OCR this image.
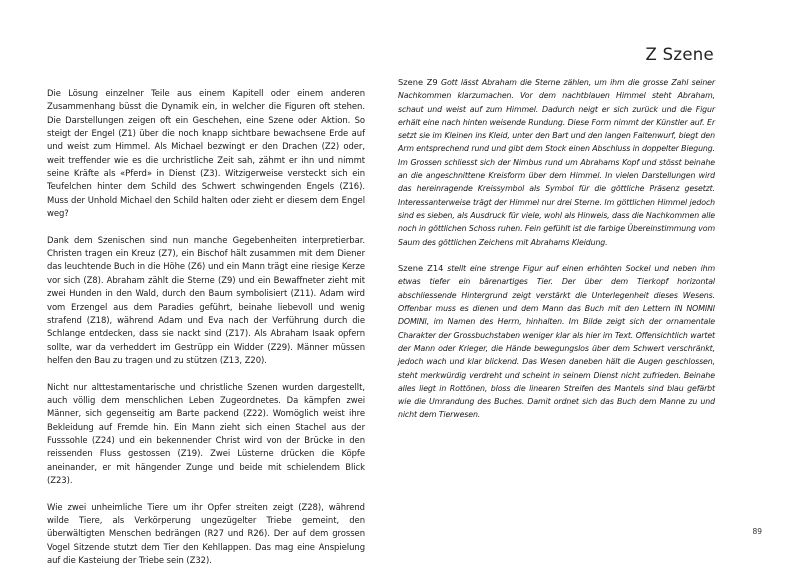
Z Szene

Die Lösung einzelner Teile aus einem Kapitell oder einem anderen Zusammenhang büsst die Dynamik ein, in welcher die Figuren oft stehen. Die Darstellungen zeigen oft ein Geschehen, eine Szene oder Aktion. So steigt der Engel (Z1) über die noch knapp sichtbare bewachsene Erde auf und weist zum Himmel. Als Michael bezwingt er den Drachen (Z2) oder, weit treffender wie es die urchristliche Zeit sah, zähmt er ihn und nimmt seine Kräfte als «Pferd» in Dienst (Z3). Witzigerweise versteckt sich ein Teufelchen hinter dem Schild des Schwert schwingenden Engels (Z16). Muss der Unhold Michael den Schild halten oder zieht er diesem dem Engel weg?

Dank dem Szenischen sind nun manche Gegebenheiten interpretierbar. Christen tragen ein Kreuz (Z7), ein Bischof hält zusammen mit dem Diener das leuchtende Buch in die Höhe (Z6) und ein Mann trägt eine riesige Kerze vor sich (Z8). Abraham zählt die Sterne (Z9) und ein Bewaffneter zieht mit zwei Hunden in den Wald, durch den Baum symbolisiert (Z11). Adam wird vom Erzengel aus dem Paradies geführt, beinahe liebevoll und wenig strafend (Z18), während Adam und Eva nach der Verführung durch die Schlange entdecken, dass sie nackt sind (Z17). Als Abraham Isaak opfern sollte, war da verheddert im Gestrüpp ein Widder (Z29). Männer müssen helfen den Bau zu tragen und zu stützen (Z13, Z20).

Nicht nur alttestamentarische und christliche Szenen wurden dargestellt, auch völlig dem menschlichen Leben Zugeordnetes. Da kämpfen zwei Männer, sich gegenseitig am Barte packend (Z22). Womöglich weist ihre Bekleidung auf Fremde hin. Ein Mann zieht sich einen Stachel aus der Fusssohle (Z24) und ein bekennender Christ wird von der Brücke in den reissenden Fluss gestossen (Z19). Zwei Lüsterne drücken die Köpfe aneinander, er mit hängender Zunge und beide mit schielendem Blick (Z23).

Wie zwei unheimliche Tiere um ihr Opfer streiten zeigt (Z28), während wilde Tiere, als Verkörperung ungezügelter Triebe gemeint, den überwältigten Menschen bedrängen (R27 und R26). Der auf dem grossen Vogel Sitzende stutzt dem Tier den Kehllappen. Das mag eine Anspielung auf die Kasteiung der Triebe sein (Z32).

Szene Z9 Gott lässt Abraham die Sterne zählen, um ihm die grosse Zahl seiner Nachkommen klarzumachen. Vor dem nachtblauen Himmel steht Abraham, schaut und weist auf zum Himmel. Dadurch neigt er sich zurück und die Figur erhält eine nach hinten weisende Rundung. Diese Form nimmt der Künstler auf. Er setzt sie im Kleinen ins Kleid, unter den Bart und den langen Faltenwurf, biegt den Arm entsprechend rund und gibt dem Stock einen Abschluss in doppelter Biegung. Im Grossen schliesst sich der Nimbus rund um Abrahams Kopf und stösst beinahe an die angeschnittene Kreisform über dem Himmel. In vielen Darstellungen wird das hereinragende Kreissymbol als Symbol für die göttliche Präsenz gesetzt. Interessanterweise trägt der Himmel nur drei Sterne. Im göttlichen Himmel jedoch sind es sieben, als Ausdruck für viele, wohl als Hinweis, dass die Nachkommen alle noch in göttlichen Schoss ruhen. Fein gefühlt ist die farbige Übereinstimmung vom Saum des göttlichen Zeichens mit Abrahams Kleidung.

Szene Z14 stellt eine strenge Figur auf einen erhöhten Sockel und neben ihm etwas tiefer ein bärenartiges Tier. Der über dem Tierkopf horizontal abschliessende Hintergrund zeigt verstärkt die Unterlegenheit dieses Wesens. Offenbar muss es dienen und dem Mann das Buch mit den Lettern IN NOMINI DOMINI, im Namen des Herrn, hinhalten. Im Bilde zeigt sich der ornamentale Charakter der Grossbuchstaben weniger klar als hier im Text. Offensichtlich wartet der Mann oder Krieger, die Hände bewegungslos über dem Schwert verschränkt, jedoch wach und klar blickend. Das Wesen daneben hält die Augen geschlossen, steht merkwürdig verdreht und scheint in seinem Dienst nicht zufrieden. Beinahe alles liegt in Rottönen, bloss die linearen Streifen des Mantels sind blau gefärbt wie die Umrandung des Buches. Damit ordnet sich das Buch dem Manne zu und nicht dem Tierwesen.

89
